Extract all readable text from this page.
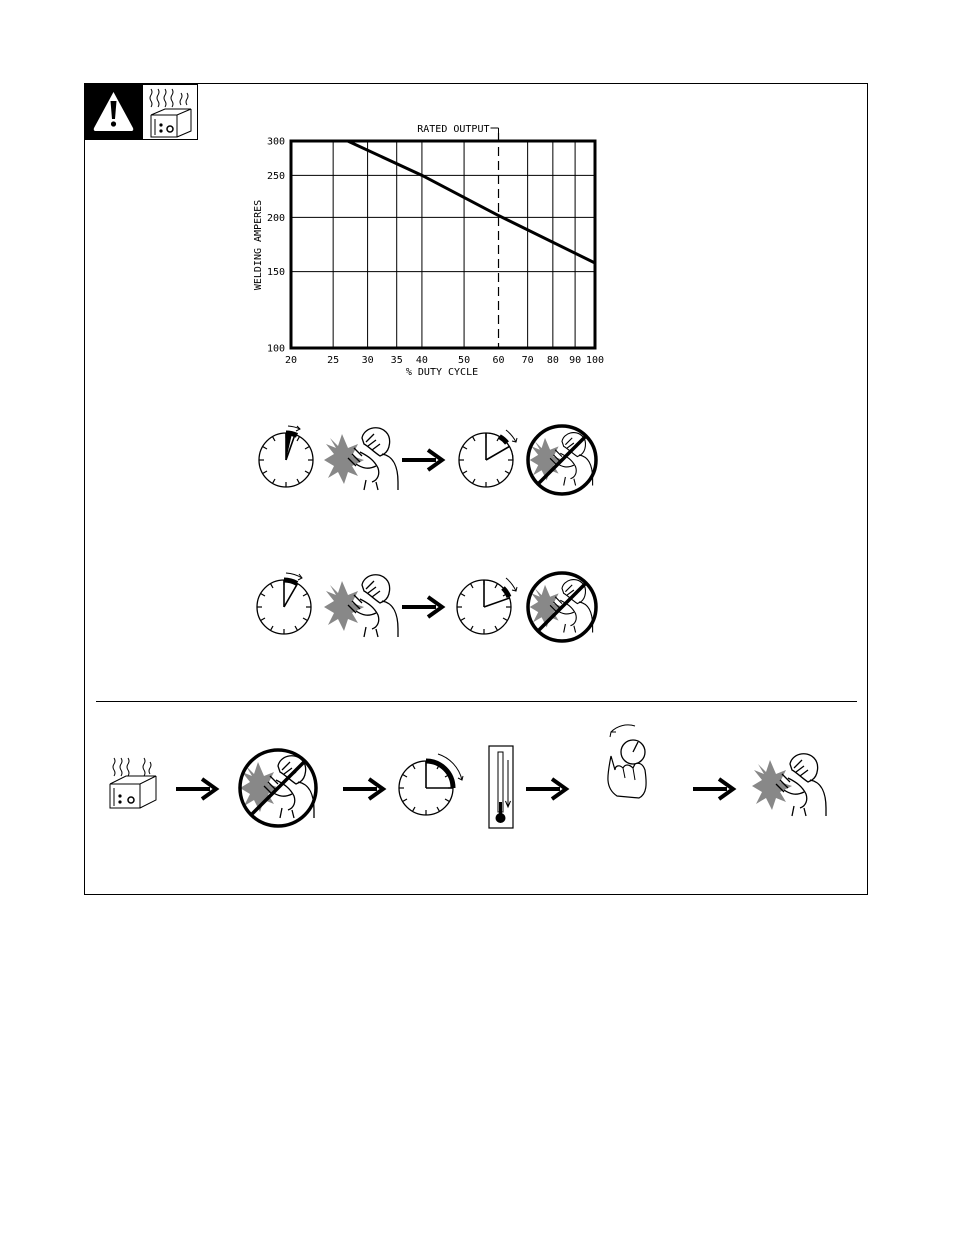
20	25 30 35 40	50 60 70 80 90 100
100
150
200
250
300
RATED OUTPUT
WELDING AMPERES
% DUTY CYCLE
